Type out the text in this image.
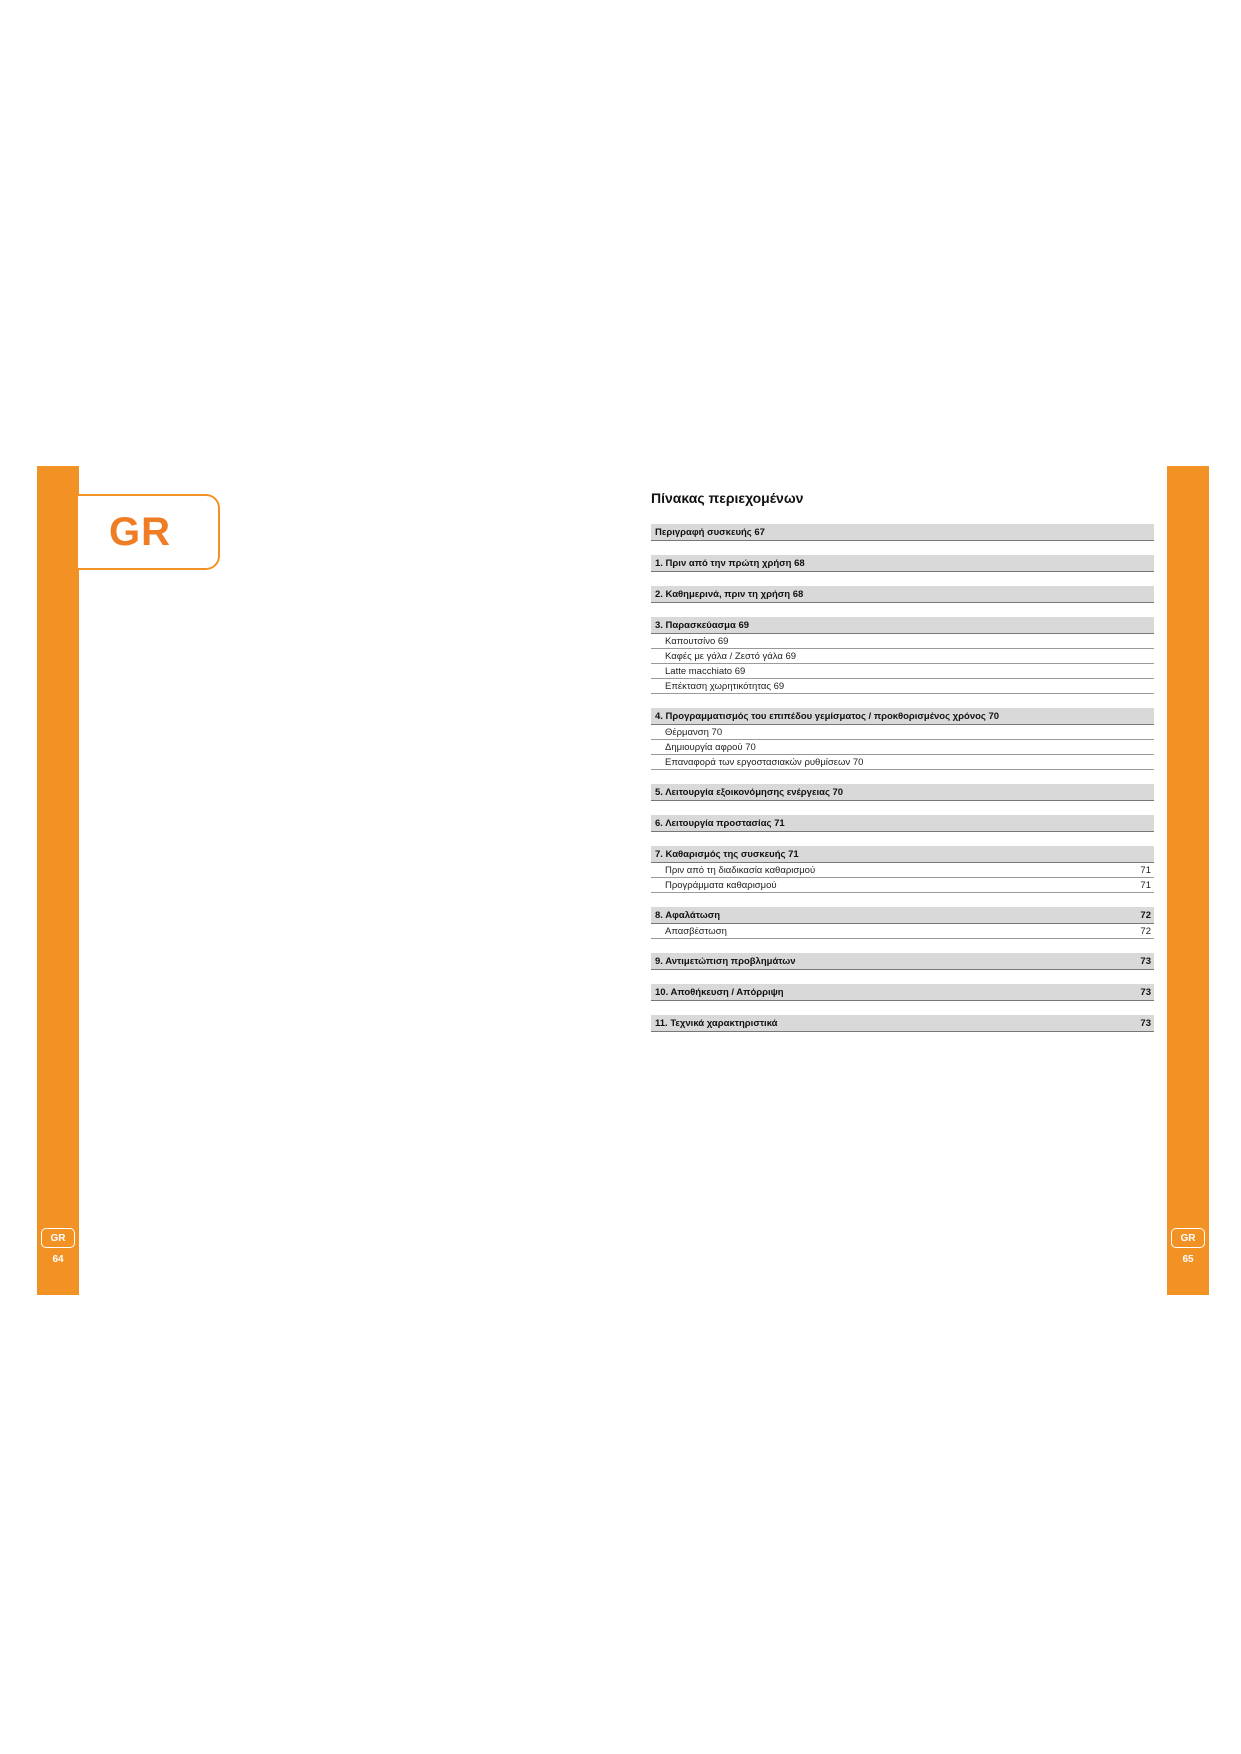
GR
GR
64
GR
65
Πίνακας περιεχομένων
Περιγραφή συσκευής 67
1. Πριν από την πρώτη χρήση 68
2. Καθημερινά, πριν τη χρήση 68
3. Παρασκεύασμα 69
Καπουτσίνο 69
Καφές με γάλα / Ζεστό γάλα 69
Latte macchiato 69
Επέκταση χωρητικότητας 69
4. Προγραμματισμός του επιπέδου γεμίσματος / προκθορισμένος χρόνος 70
Θέρμανση 70
Δημιουργία αφρού 70
Επαναφορά των εργοστασιακών ρυθμίσεων 70
5. Λειτουργία εξοικονόμησης ενέργειας 70
6. Λειτουργία προστασίας 71
7. Καθαρισμός της συσκευής 71
Πριν από τη διαδικασία καθαρισμού	71
Προγράμματα καθαρισμού	71
8. Αφαλάτωση	72
Απασβέστωση	72
9. Αντιμετώπιση προβλημάτων	73
10. Αποθήκευση / Απόρριψη	73
11. Τεχνικά χαρακτηριστικά	73
